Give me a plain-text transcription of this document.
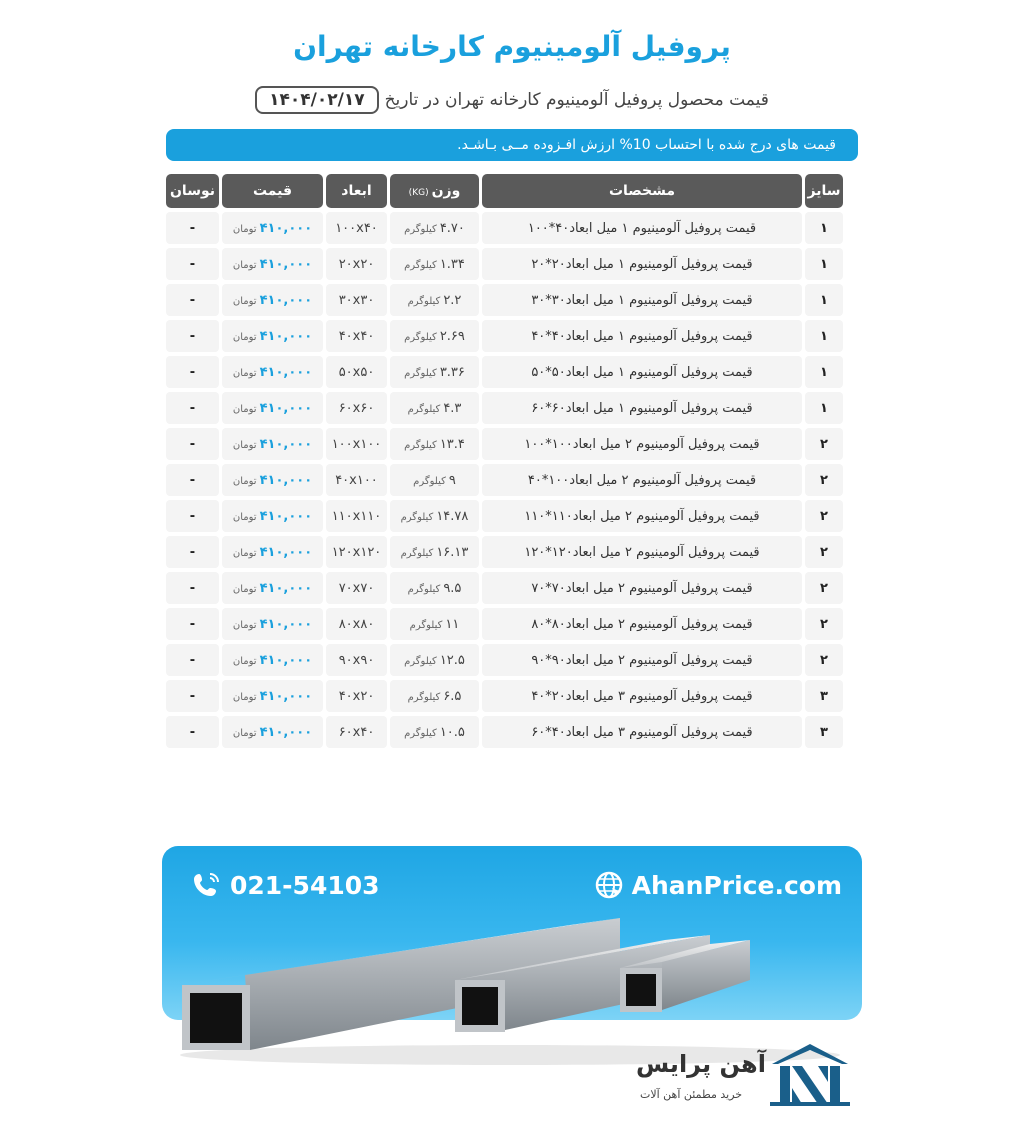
پروفیل آلومینیوم کارخانه تهران
قیمت محصول پروفیل آلومینیوم کارخانه تهران در تاریخ
۱۴۰۴/۰۲/۱۷
قیمت های درج شده با احتساب 10% ارزش افـزوده مــی بـاشـد.
سایز	مشخصات	وزن(KG)	ابعاد	قیمت	نوسان
۱	قیمت پروفیل آلومینیوم ۱ میل ابعاد۴۰*۱۰۰	۴.۷۰کیلوگرم	۱۰۰x۴۰	۴۱۰,۰۰۰تومان	-
۱	قیمت پروفیل آلومینیوم ۱ میل ابعاد۲۰*۲۰	۱.۳۴کیلوگرم	۲۰x۲۰	۴۱۰,۰۰۰تومان	-
۱	قیمت پروفیل آلومینیوم ۱ میل ابعاد۳۰*۳۰	۲.۲کیلوگرم	۳۰x۳۰	۴۱۰,۰۰۰تومان	-
۱	قیمت پروفیل آلومینیوم ۱ میل ابعاد۴۰*۴۰	۲.۶۹کیلوگرم	۴۰x۴۰	۴۱۰,۰۰۰تومان	-
۱	قیمت پروفیل آلومینیوم ۱ میل ابعاد۵۰*۵۰	۳.۳۶کیلوگرم	۵۰x۵۰	۴۱۰,۰۰۰تومان	-
۱	قیمت پروفیل آلومینیوم ۱ میل ابعاد۶۰*۶۰	۴.۳کیلوگرم	۶۰x۶۰	۴۱۰,۰۰۰تومان	-
۲	قیمت پروفیل آلومینیوم ۲ میل ابعاد۱۰۰*۱۰۰	۱۳.۴کیلوگرم	۱۰۰x۱۰۰	۴۱۰,۰۰۰تومان	-
۲	قیمت پروفیل آلومینیوم ۲ میل ابعاد۱۰۰*۴۰	۹کیلوگرم	۴۰x۱۰۰	۴۱۰,۰۰۰تومان	-
۲	قیمت پروفیل آلومینیوم ۲ میل ابعاد۱۱۰*۱۱۰	۱۴.۷۸کیلوگرم	۱۱۰x۱۱۰	۴۱۰,۰۰۰تومان	-
۲	قیمت پروفیل آلومینیوم ۲ میل ابعاد۱۲۰*۱۲۰	۱۶.۱۳کیلوگرم	۱۲۰x۱۲۰	۴۱۰,۰۰۰تومان	-
۲	قیمت پروفیل آلومینیوم ۲ میل ابعاد۷۰*۷۰	۹.۵کیلوگرم	۷۰x۷۰	۴۱۰,۰۰۰تومان	-
۲	قیمت پروفیل آلومینیوم ۲ میل ابعاد۸۰*۸۰	۱۱کیلوگرم	۸۰x۸۰	۴۱۰,۰۰۰تومان	-
۲	قیمت پروفیل آلومینیوم ۲ میل ابعاد۹۰*۹۰	۱۲.۵کیلوگرم	۹۰x۹۰	۴۱۰,۰۰۰تومان	-
۳	قیمت پروفیل آلومینیوم ۳ میل ابعاد۲۰*۴۰	۶.۵کیلوگرم	۴۰x۲۰	۴۱۰,۰۰۰تومان	-
۳	قیمت پروفیل آلومینیوم ۳ میل ابعاد۴۰*۶۰	۱۰.۵کیلوگرم	۶۰x۴۰	۴۱۰,۰۰۰تومان	-
AhanPrice.com
021-54103
آهن پرایس
خرید مطمئن آهن آلات
